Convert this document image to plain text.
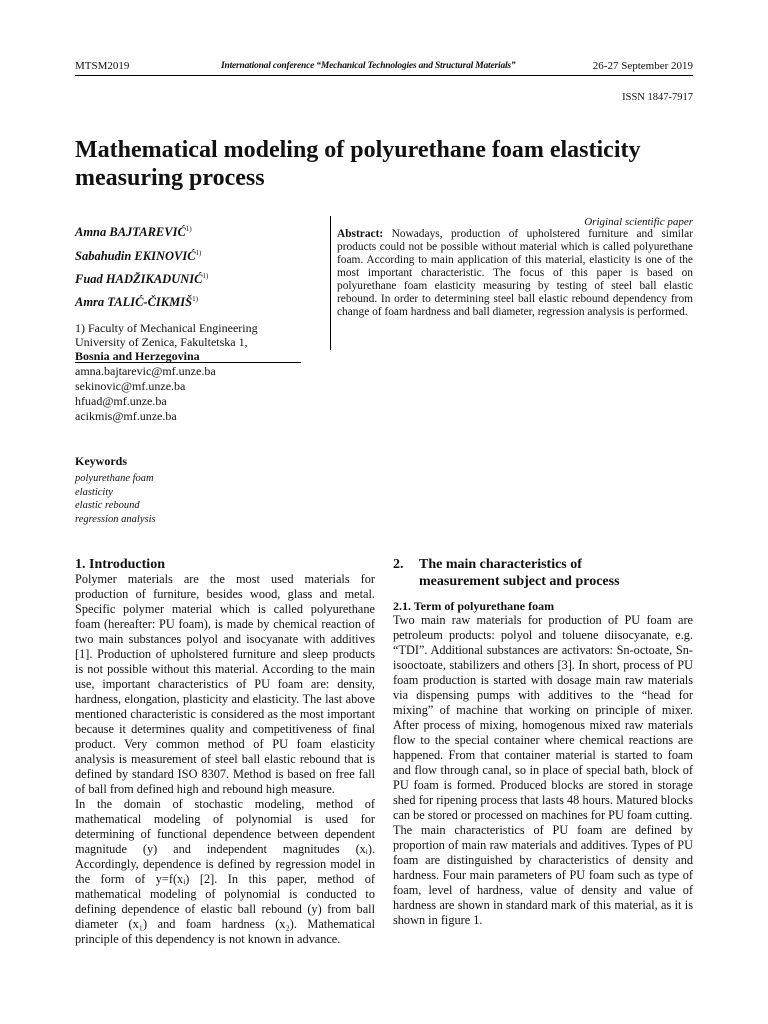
MTSM2019	International conference “Mechanical Technologies and Structural Materials”	26-27 September 2019
ISSN 1847-7917
Mathematical modeling of polyurethane foam elasticity measuring process
Amna BAJTAREVIĆ$^{1)}$
Sabahudin EKINOVIĆ$^{1)}$
Fuad HADŽIKADUNIĆ$^{1)}$
Amra TALIĆ-ČIKMIŠ$^{1)}$
1) Faculty of Mechanical Engineering
University of Zenica, Fakultetska 1,
Bosnia and Herzegovina
amna.bajtarevic@mf.unze.ba
sekinovic@mf.unze.ba
hfuad@mf.unze.ba
acikmis@mf.unze.ba
Original scientific paper
Abstract: Nowadays, production of upholstered furniture and similar products could not be possible without material which is called polyurethane foam. According to main application of this material, elasticity is one of the most important characteristic. The focus of this paper is based on polyurethane foam elasticity measuring by testing of steel ball elastic rebound. In order to determining steel ball elastic rebound dependency from change of foam hardness and ball diameter, regression analysis is performed.
Keywords
polyurethane foam
elasticity
elastic rebound
regression analysis
1. Introduction

Polymer materials are the most used materials for production of furniture, besides wood, glass and metal. Specific polymer material which is called polyurethane foam (hereafter: PU foam), is made by chemical reaction of two main substances polyol and isocyanate with additives [1]. Production of upholstered furniture and sleep products is not possible without this material. According to the main use, important characteristics of PU foam are: density, hardness, elongation, plasticity and elasticity. The last above mentioned characteristic is considered as the most important because it determines quality and competitiveness of final product. Very common method of PU foam elasticity analysis is measurement of steel ball elastic rebound that is defined by standard ISO 8307. Method is based on free fall of ball from defined high and rebound high measure.

In the domain of stochastic modeling, method of mathematical modeling of polynomial is used for determining of functional dependence between dependent magnitude (y) and independent magnitudes (xᵢ). Accordingly, dependence is defined by regression model in the form of y=f(xᵢ) [2]. In this paper, method of mathematical modeling of polynomial is conducted to defining dependence of elastic ball rebound (y) from ball diameter (x₁) and foam hardness (x₂). Mathematical principle of this dependency is not known in advance.

2. The main characteristics of
measurement subject and process
2.1. Term of polyurethane foam

Two main raw materials for production of PU foam are petroleum products: polyol and toluene diisocyanate, e.g. “TDI”. Additional substances are activators: Sn-octoate, Sn-isooctoate, stabilizers and others [3]. In short, process of PU foam production is started with dosage main raw materials via dispensing pumps with additives to the “head for mixing” of machine that working on principle of mixer. After process of mixing, homogenous mixed raw materials flow to the special container where chemical reactions are happened. From that container material is started to foam and flow through canal, so in place of special bath, block of PU foam is formed. Produced blocks are stored in storage shed for ripening process that lasts 48 hours. Matured blocks can be stored or processed on machines for PU foam cutting.

The main characteristics of PU foam are defined by proportion of main raw materials and additives. Types of PU foam are distinguished by characteristics of density and hardness. Four main parameters of PU foam such as type of foam, level of hardness, value of density and value of hardness are shown in standard mark of this material, as it is shown in figure 1.
